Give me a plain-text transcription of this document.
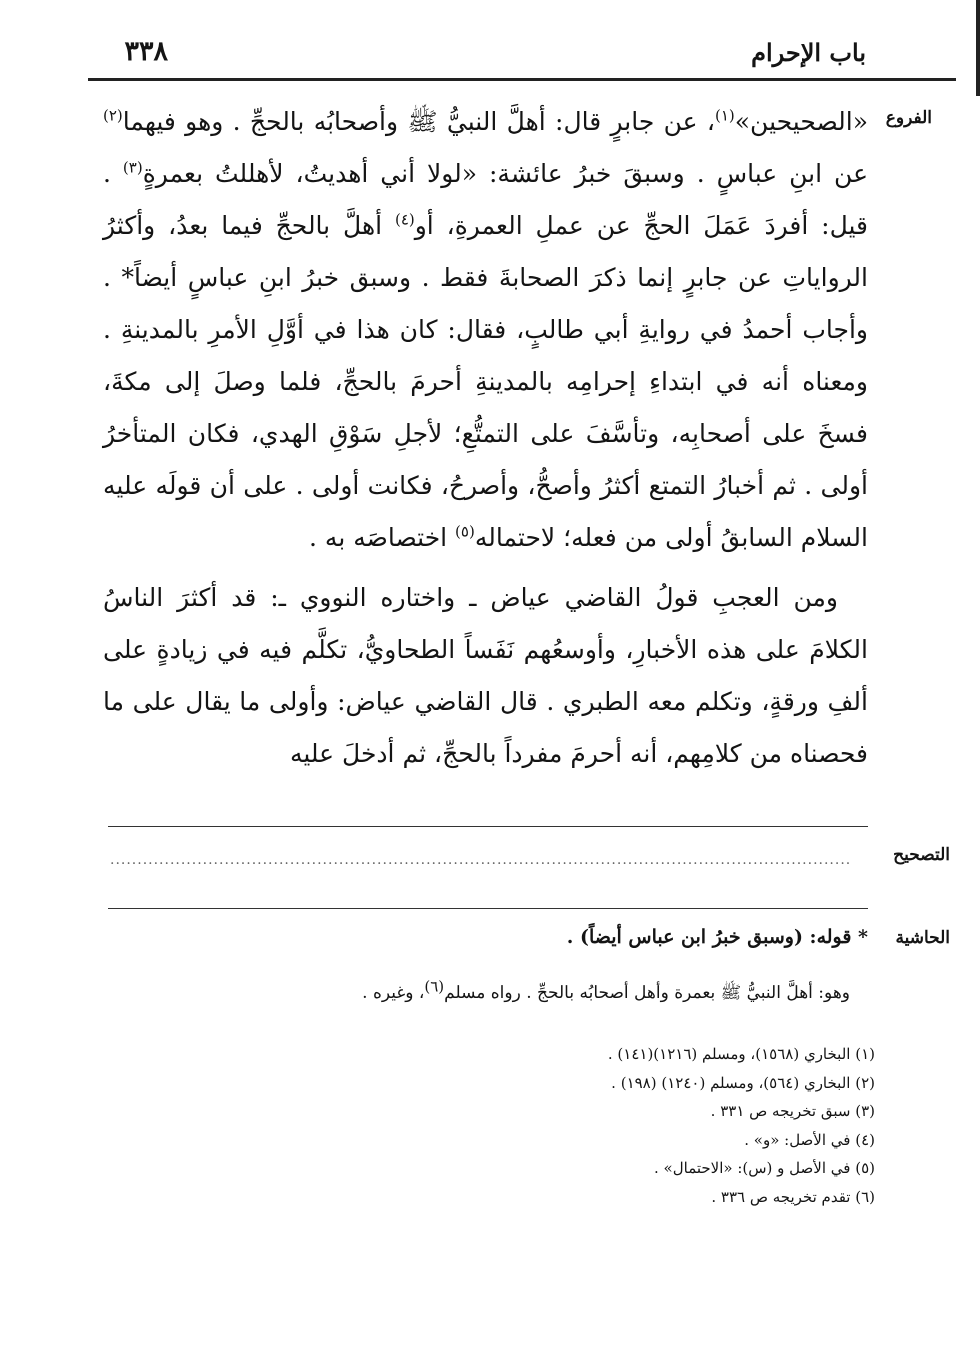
٣٣٨	باب الإحرام
الفروع

«الصحيحين»$^{(١)}$، عن جابرٍ قال: أهلَّ النبيُّ ﷺ وأصحابُه بالحجِّ . وهو فيهما$^{(٢)}$ عن ابنِ عباسٍ . وسبقَ خبرُ عائشة: «لولا أني أهديتُ، لأهللتُ بعمرةٍ$^{(٣)}$ . قيل: أفردَ عَمَلَ الحجِّ عن عملِ العمرةِ، أو$^{(٤)}$ أهلَّ بالحجِّ فيما بعدُ، وأكثرُ الرواياتِ عن جابرٍ إنما ذكرَ الصحابةَ فقط . وسبق خبرُ ابنِ عباسٍ أيضاً* . وأجاب أحمدُ في روايةِ أبي طالبٍ، فقال: كان هذا في أوَّلِ الأمرِ بالمدينةِ . ومعناه أنه في ابتداءِ إحرامِه بالمدينةِ أحرمَ بالحجِّ، فلما وصلَ إلى مكةَ، فسخَ على أصحابِه، وتأسَّفَ على التمتُّعِ؛ لأجلِ سَوْقِ الهدي، فكان المتأخرُ أولى . ثم أخبارُ التمتع أكثرُ وأصحُّ، وأصرحُ، فكانت أولى . على أن قولَه عليه السلام السابقُ أولى من فعله؛ لاحتماله$^{(٥)}$ اختصاصَه به .

ومن العجبِ قولُ القاضي عياض ـ واختاره النووي ـ: قد أكثرَ الناسُ الكلامَ على هذه الأخبارِ، وأوسعُهم نَفَساً الطحاويُّ، تكلَّم فيه في زيادةٍ على ألفِ ورقةٍ، وتكلم معه الطبري . قال القاضي عياض: وأولى ما يقال على ما فحصناه من كلامِهم، أنه أحرمَ مفرداً بالحجِّ، ثم أدخلَ عليه

التصحيح
........................................................................................................................................
الحاشية
* قوله: (وسبق خبرُ ابن عباس أيضاً) .
وهو: أهلَّ النبيُّ ﷺ بعمرة وأهل أصحابُه بالحجِّ . رواه مسلم$^{(٦)}$، وغيره .
(١) البخاري (١٥٦٨)، ومسلم (١٢١٦)(١٤١) .
(٢) البخاري (٥٦٤)، ومسلم (١٢٤٠) (١٩٨) .
(٣) سبق تخريجه ص ٣٣١ .
(٤) في الأصل: «و» .
(٥) في الأصل و (س): «الاحتمال» .
(٦) تقدم تخريجه ص ٣٣٦ .
